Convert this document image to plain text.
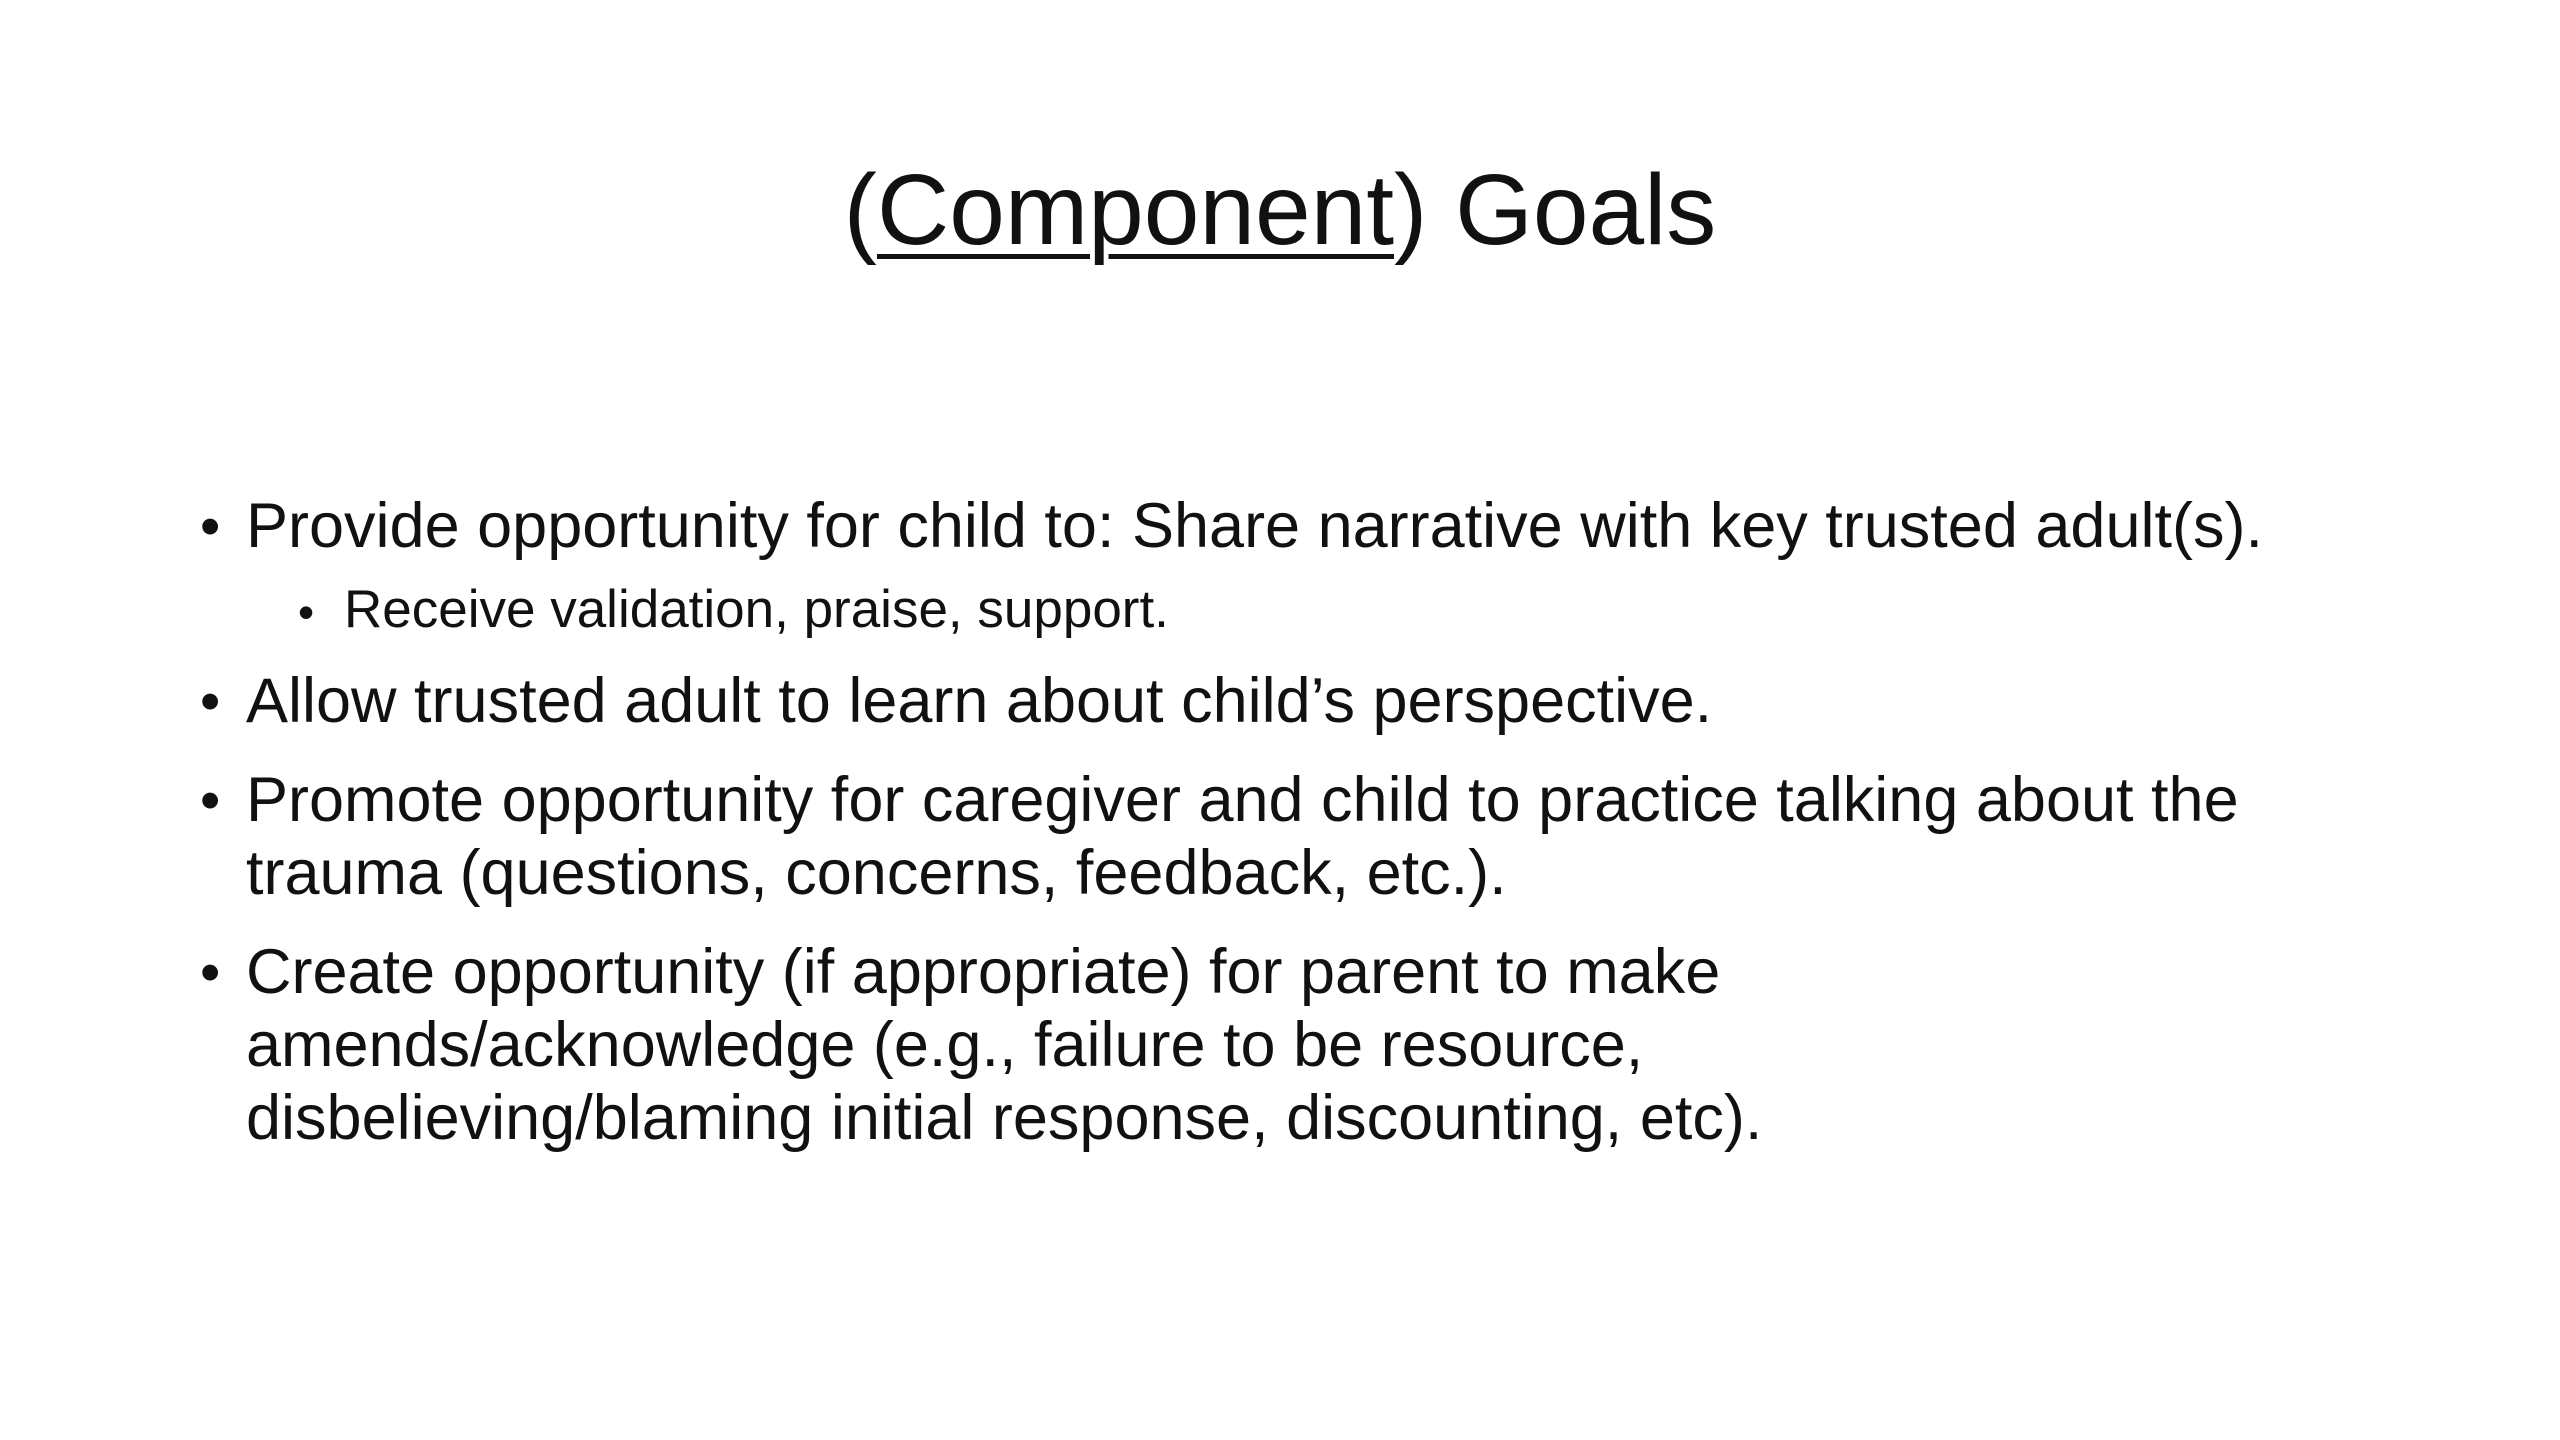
(Component) Goals
• Provide opportunity for child to: Share narrative with key trusted adult(s).
• Receive validation, praise, support.
• Allow trusted adult to learn about child’s perspective.
• Promote opportunity for caregiver and child to practice talking about the trauma (questions, concerns, feedback, etc.).
• Create opportunity (if appropriate) for parent to make amends/acknowledge (e.g., failure to be resource, disbelieving/blaming initial response, discounting, etc).
